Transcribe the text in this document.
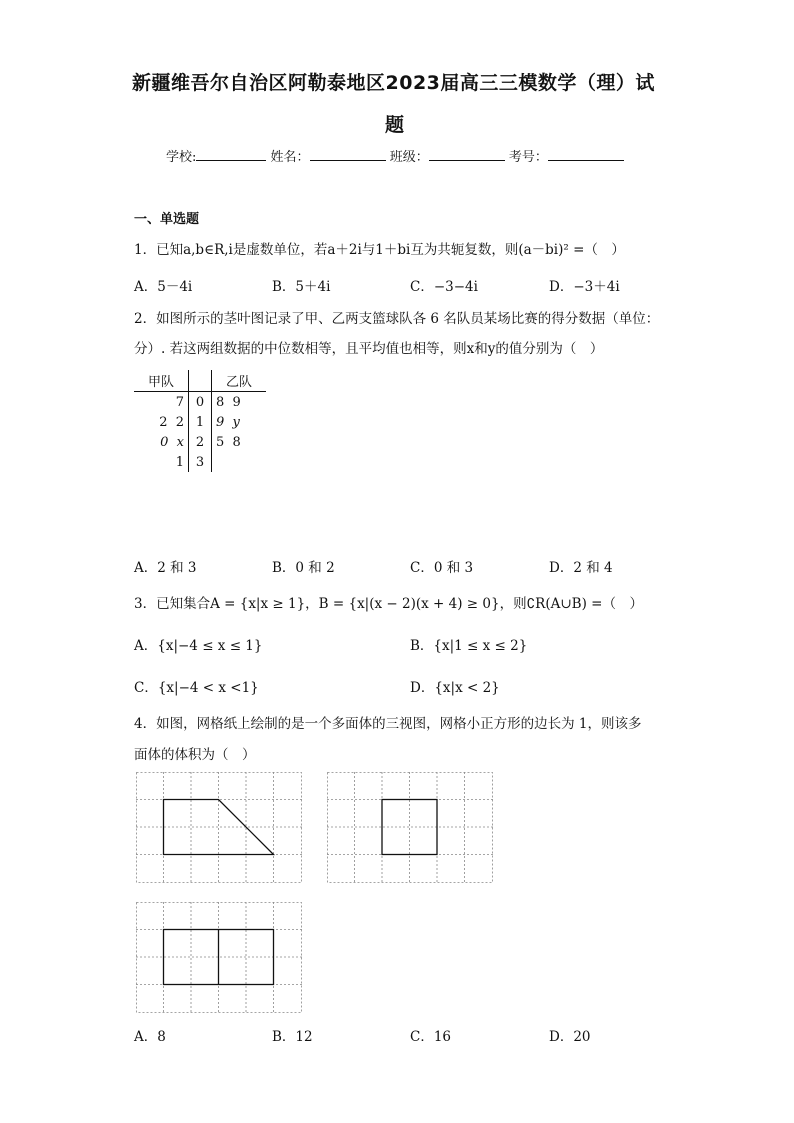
新疆维吾尔自治区阿勒泰地区2023届高三三模数学（理）试
题
学校:	姓名：	班级：	考号：
一、单选题
1．已知a,b∈R,i是虚数单位，若a＋2i与1＋bi互为共轭复数，则(a－bi)² =（　）
A．5－4i	B．5＋4i	C．−3−4i	D．−3＋4i
2．如图所示的茎叶图记录了甲、乙两支篮球队各 6 名队员某场比赛的得分数据（单位：
分）. 若这两组数据的中位数相等，且平均值也相等，则x和y的值分别为（　）
甲队		乙队
7	0	8  9
2  2	1	9  y
0  x	2	5  8
1	3	
A．2 和 3	B．0 和 2	C．0 和 3	D．2 和 4
3．已知集合A = {x|x ≥ 1}，B = {x|(x − 2)(x + 4) ≥ 0}，则∁R(A∪B) =（　）
A．{x|−4 ≤ x ≤ 1}	B．{x|1 ≤ x ≤ 2}
C．{x|−4 < x <1}	D．{x|x < 2}
4．如图，网格纸上绘制的是一个多面体的三视图，网格小正方形的边长为 1，则该多
面体的体积为（　）
A．8	B．12	C．16	D．20
